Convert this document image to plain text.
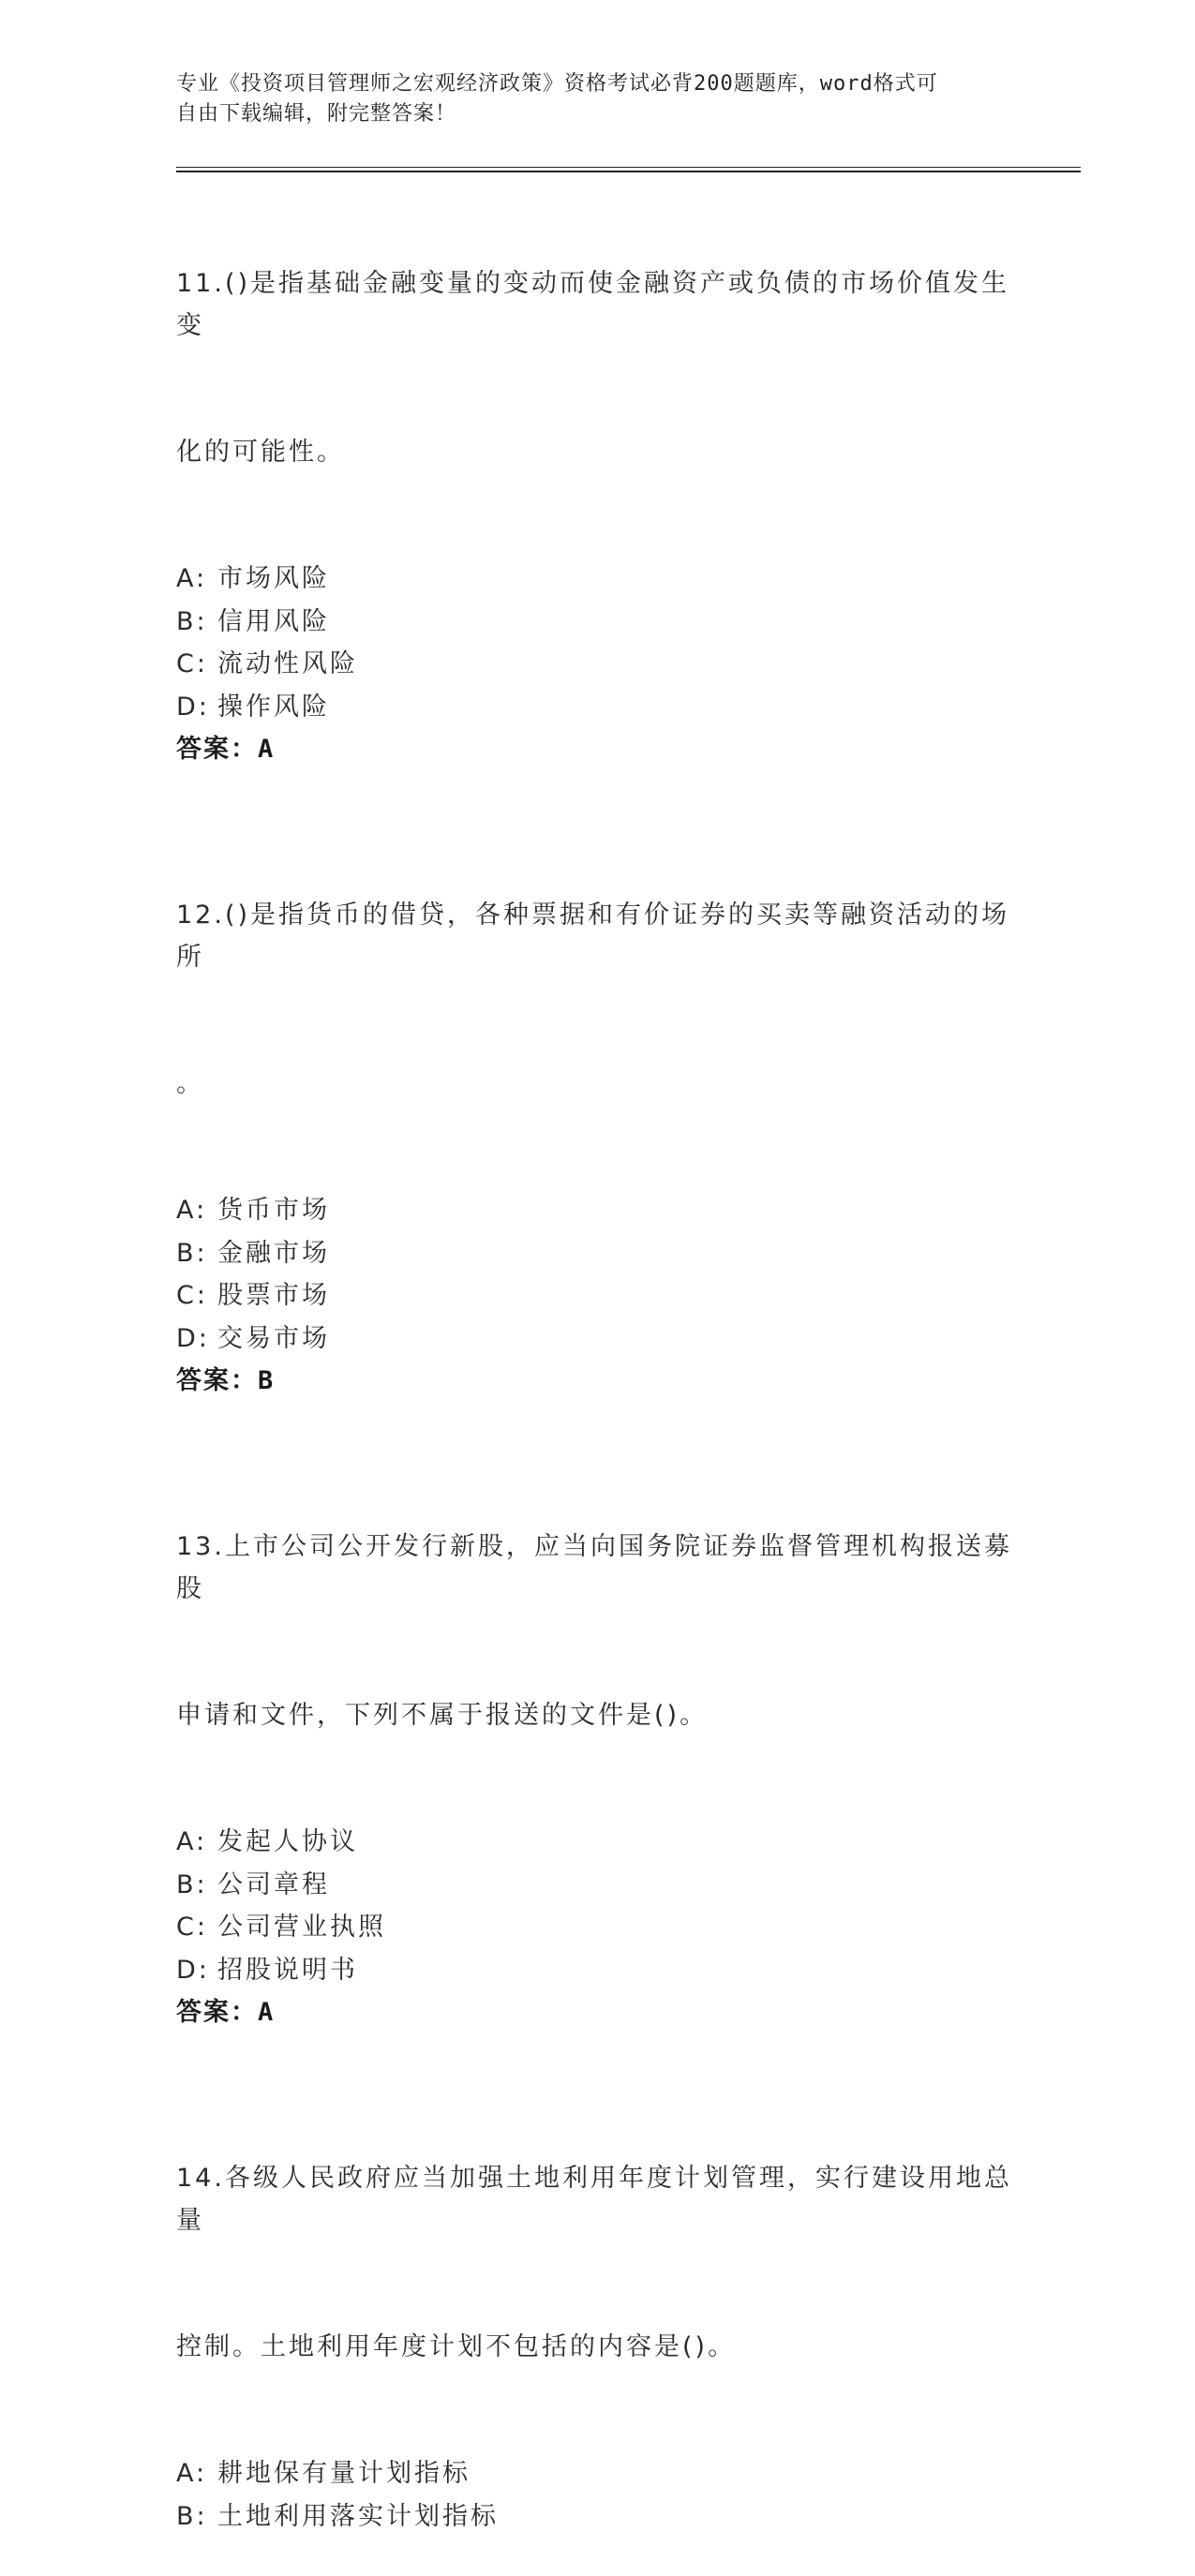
专业《投资项目管理师之宏观经济政策》资格考试必背200题题库，word格式可
自由下载编辑，附完整答案！

11.()是指基础金融变量的变动而使金融资产或负债的市场价值发生变

化的可能性。

A: 市场风险
B: 信用风险
C: 流动性风险
D: 操作风险
答案：A

12.()是指货币的借贷，各种票据和有价证券的买卖等融资活动的场所

。

A: 货币市场
B: 金融市场
C: 股票市场
D: 交易市场
答案：B

13.上市公司公开发行新股，应当向国务院证券监督管理机构报送募股

申请和文件，下列不属于报送的文件是()。

A: 发起人协议
B: 公司章程
C: 公司营业执照
D: 招股说明书
答案：A

14.各级人民政府应当加强土地利用年度计划管理，实行建设用地总量

控制。土地利用年度计划不包括的内容是()。

A: 耕地保有量计划指标
B: 土地利用落实计划指标
